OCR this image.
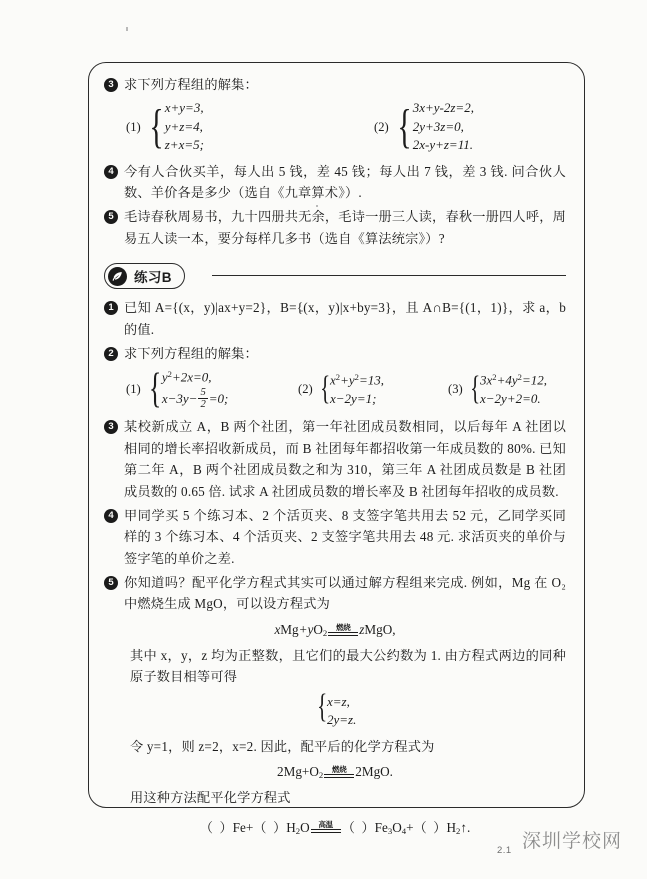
3 求下列方程组的解集：
(1) { x+y=3,
y+z=4,
z+x=5;
(2) { 3x+y-2z=2,
2y+3z=0,
2x-y+z=11.
4 今有人合伙买羊，每人出 5 钱，差 45 钱；每人出 7 钱，差 3 钱. 问合伙人数、羊价各是多少（选自《九章算术》）.
5 毛诗春秋周易书，九十四册共无余，毛诗一册三人读，春秋一册四人呼，周易五人读一本，要分每样几多书（选自《算法统宗》）?
练习B
1 已知 A={(x，y)|ax+y=2}，B={(x，y)|x+by=3}，且 A∩B={(1，1)}，求 a，b 的值.
2 求下列方程组的解集：
(1) { $y^2+2x=0$,
$x-3y- \frac{5}{2} =0$;
(2) { $x^2+y^2=13$,
x−2y=1;
(3) { $3x^2+4y^2=12$,
x−2y+2=0.
3 某校新成立 A，B 两个社团，第一年社团成员数相同，以后每年 A 社团以相同的增长率招收新成员，而 B 社团每年都招收第一年成员数的 80%. 已知第二年 A，B 两个社团成员数之和为 310，第三年 A 社团成员数是 B 社团成员数的 0.65 倍. 试求 A 社团成员数的增长率及 B 社团每年招收的成员数.
4 甲同学买 5 个练习本、2 个活页夹、8 支签字笔共用去 52 元，乙同学买同样的 3 个练习本、4 个活页夹、2 支签字笔共用去 48 元. 求活页夹的单价与签字笔的单价之差.
5 你知道吗？配平化学方程式其实可以通过解方程组来完成. 例如，Mg 在 O₂ 中燃烧生成 MgO，可以设方程式为
$xMg+yO_2$
燃烧 zMgO,
其中 x，y，z 均为正整数，且它们的最大公约数为 1. 由方程式两边的同种原子数目相等可得
{ x=z,
2y=z.
令 y=1，则 z=2，x=2. 因此，配平后的化学方程式为
$2Mg+O_2$
燃烧 2MgO.
用这种方法配平化学方程式
（  ）Fe+（  ）$H_2O$ 高温 （  ）$Fe_3O_4+$（  ）$H_2↑$.
2.1 深圳学校网
